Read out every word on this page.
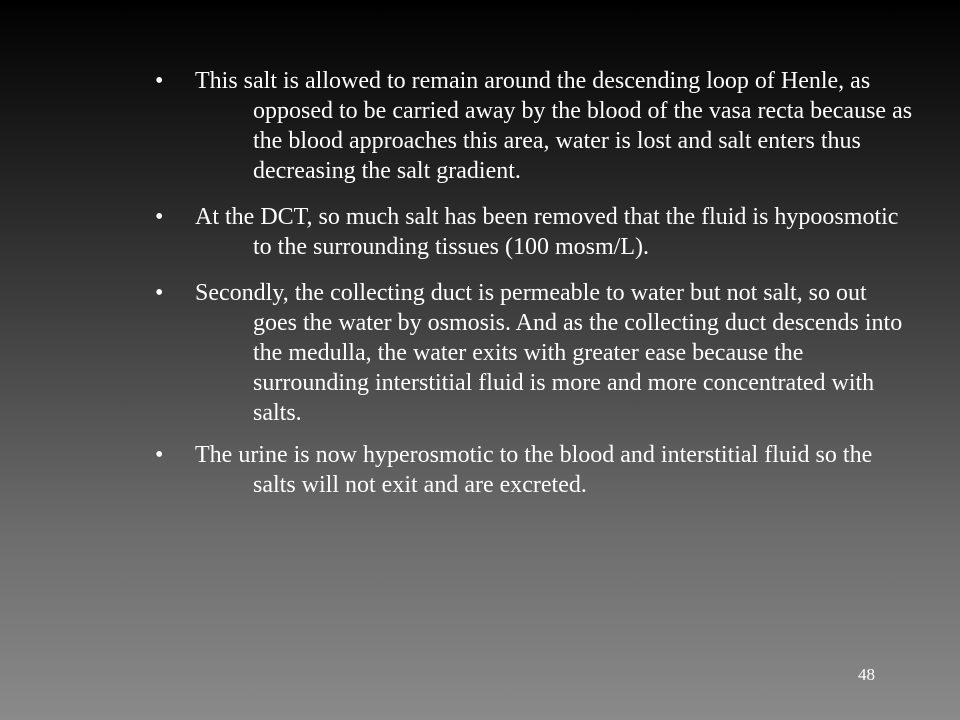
• This salt is allowed to remain around the descending loop of Henle, as opposed to be carried away by the blood of the vasa recta because as the blood approaches this area, water is lost and salt enters thus decreasing the salt gradient.
• At the DCT, so much salt has been removed that the fluid is hypoosmotic to the surrounding tissues (100 mosm/L).
• Secondly, the collecting duct is permeable to water but not salt, so out goes the water by osmosis. And as the collecting duct descends into the medulla, the water exits with greater ease because the surrounding interstitial fluid is more and more concentrated with salts.
• The urine is now hyperosmotic to the blood and interstitial fluid so the salts will not exit and are excreted.
48
